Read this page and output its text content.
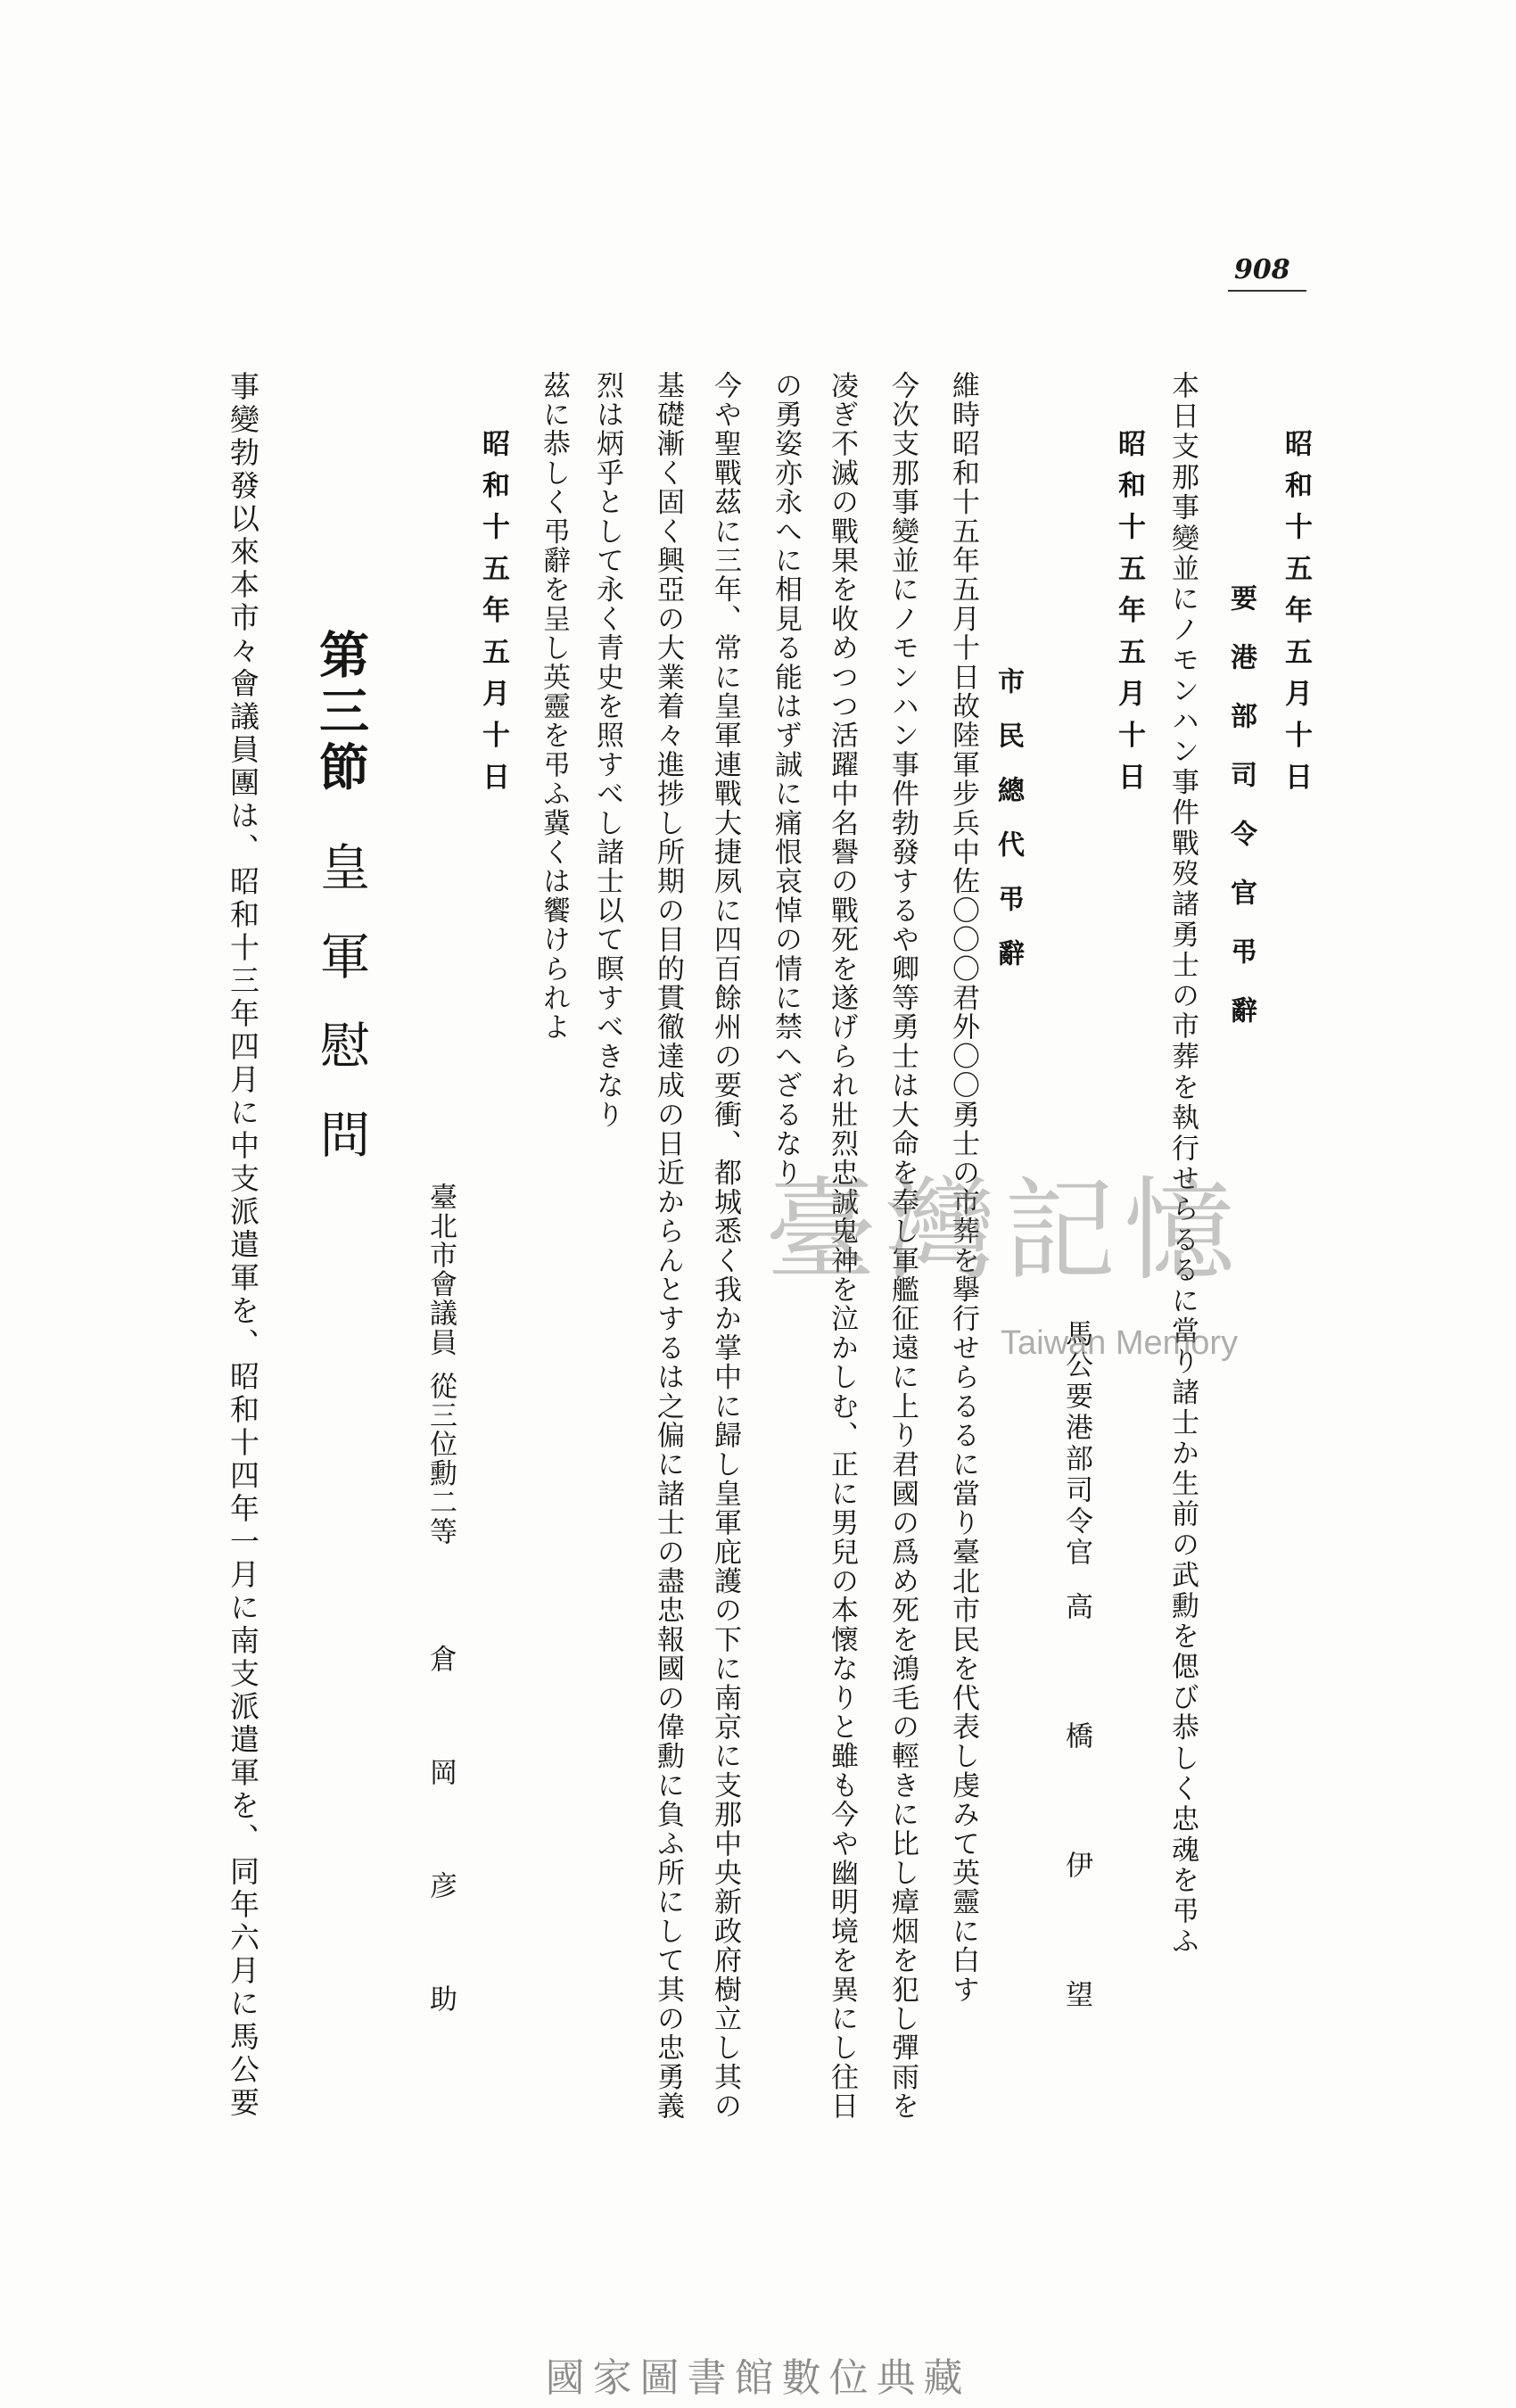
908
昭和十五年五月十日
要港部司令官弔辭
本日支那事變並にノモンハン事件戰歿諸勇士の市葬を執行せらるるに當り諸士か生前の武勳を偲び恭しく忠魂を弔ふ
昭和十五年五月十日
馬公要港部司令官
高橋伊望
市民總代弔辭
維時昭和十五年五月十日故陸軍步兵中佐〇〇〇君外〇〇勇士の市葬を擧行せらるるに當り臺北市民を代表し虔みて英靈に白す
今次支那事變並にノモンハン事件勃發するや卿等勇士は大命を奉し軍艦征遠に上り君國の爲め死を鴻毛の輕きに比し瘴烟を犯し彈雨を
凌ぎ不滅の戰果を收めつつ活躍中名譽の戰死を遂げられ壯烈忠誠鬼神を泣かしむ、正に男兒の本懷なりと雖も今や幽明境を異にし往日
の勇姿亦永へに相見る能はず誠に痛恨哀悼の情に禁へざるなり
今や聖戰茲に三年、常に皇軍連戰大捷夙に四百餘州の要衝、都城悉く我か掌中に歸し皇軍庇護の下に南京に支那中央新政府樹立し其の
基礎漸く固く興亞の大業着々進捗し所期の目的貫徹達成の日近からんとするは之偏に諸士の盡忠報國の偉勳に負ふ所にして其の忠勇義
烈は炳乎として永く青史を照すべし諸士以て瞑すべきなり
茲に恭しく弔辭を呈し英靈を弔ふ冀くは饗けられよ
昭和十五年五月十日
臺北市會議員
從三位勳二等
倉岡彦助
第三節
皇軍慰問
事變勃發以來本市々會議員團は、昭和十三年四月に中支派遣軍を、昭和十四年一月に南支派遣軍を、同年六月に馬公要	臺灣記憶
Taiwan Memory
國家圖書館數位典藏
